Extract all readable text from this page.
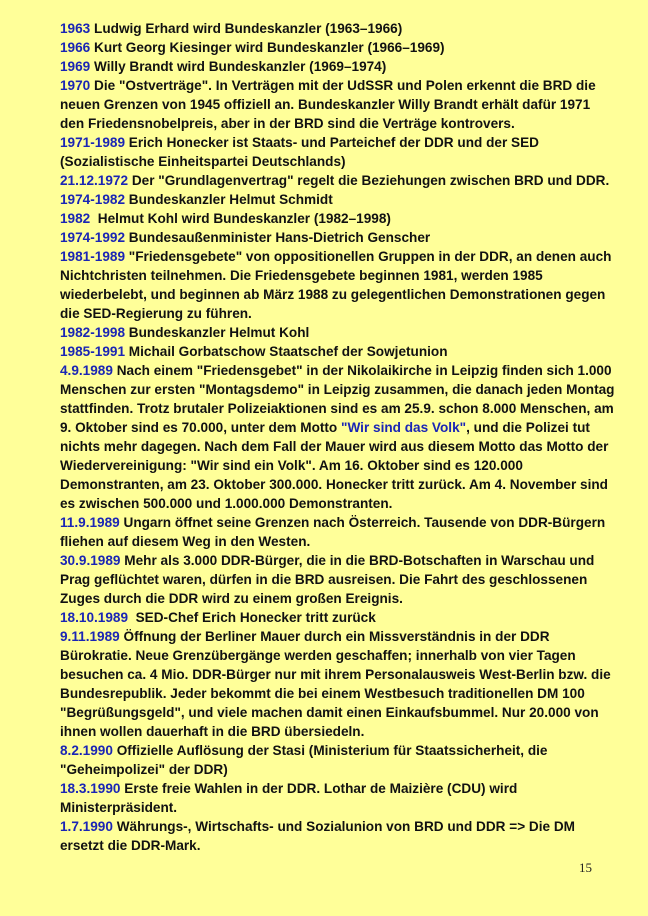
1963 Ludwig Erhard wird Bundeskanzler (1963–1966)

1966 Kurt Georg Kiesinger wird Bundeskanzler (1966–1969)

1969 Willy Brandt wird Bundeskanzler (1969–1974)

1970 Die "Ostverträge". In Verträgen mit der UdSSR und Polen erkennt die BRD die neuen Grenzen von 1945 offiziell an. Bundeskanzler Willy Brandt erhält dafür 1971 den Friedensnobelpreis, aber in der BRD sind die Verträge kontrovers.

1971-1989 Erich Honecker ist Staats- und Parteichef der DDR und der SED (Sozialistische Einheitspartei Deutschlands)

21.12.1972 Der "Grundlagenvertrag" regelt die Beziehungen zwischen BRD und DDR.

1974-1982 Bundeskanzler Helmut Schmidt

1982  Helmut Kohl wird Bundeskanzler (1982–1998)

1974-1992 Bundesaußenminister Hans-Dietrich Genscher

1981-1989 "Friedensgebete" von oppositionellen Gruppen in der DDR, an denen auch Nichtchristen teilnehmen. Die Friedensgebete beginnen 1981, werden 1985 wiederbelebt, und beginnen ab März 1988 zu gelegentlichen Demonstrationen gegen die SED-Regierung zu führen.

1982-1998 Bundeskanzler Helmut Kohl

1985-1991 Michail Gorbatschow Staatschef der Sowjetunion

4.9.1989 Nach einem "Friedensgebet" in der Nikolaikirche in Leipzig finden sich 1.000 Menschen zur ersten "Montagsdemo" in Leipzig zusammen, die danach jeden Montag stattfinden. Trotz brutaler Polizeiaktionen sind es am 25.9. schon 8.000 Menschen, am 9. Oktober sind es 70.000, unter dem Motto "Wir sind das Volk", und die Polizei tut nichts mehr dagegen. Nach dem Fall der Mauer wird aus diesem Motto das Motto der Wiedervereinigung: "Wir sind ein Volk". Am 16. Oktober sind es 120.000 Demonstranten, am 23. Oktober 300.000. Honecker tritt zurück. Am 4. November sind es zwischen 500.000 und 1.000.000 Demonstranten.

11.9.1989 Ungarn öffnet seine Grenzen nach Österreich. Tausende von DDR-Bürgern fliehen auf diesem Weg in den Westen.

30.9.1989 Mehr als 3.000 DDR-Bürger, die in die BRD-Botschaften in Warschau und Prag geflüchtet waren, dürfen in die BRD ausreisen. Die Fahrt des geschlossenen Zuges durch die DDR wird zu einem großen Ereignis.

18.10.1989  SED-Chef Erich Honecker tritt zurück

9.11.1989 Öffnung der Berliner Mauer durch ein Missverständnis in der DDR Bürokratie. Neue Grenzübergänge werden geschaffen; innerhalb von vier Tagen besuchen ca. 4 Mio. DDR-Bürger nur mit ihrem Personalausweis West-Berlin bzw. die Bundesrepublik. Jeder bekommt die bei einem Westbesuch traditionellen DM 100 "Begrüßungsgeld", und viele machen damit einen Einkaufsbummel. Nur 20.000 von ihnen wollen dauerhaft in die BRD übersiedeln.

8.2.1990 Offizielle Auflösung der Stasi (Ministerium für Staatssicherheit, die "Geheimpolizei" der DDR)

18.3.1990 Erste freie Wahlen in der DDR. Lothar de Maizière (CDU) wird Ministerpräsident.

1.7.1990 Währungs-, Wirtschafts- und Sozialunion von BRD und DDR => Die DM ersetzt die DDR-Mark.

15
